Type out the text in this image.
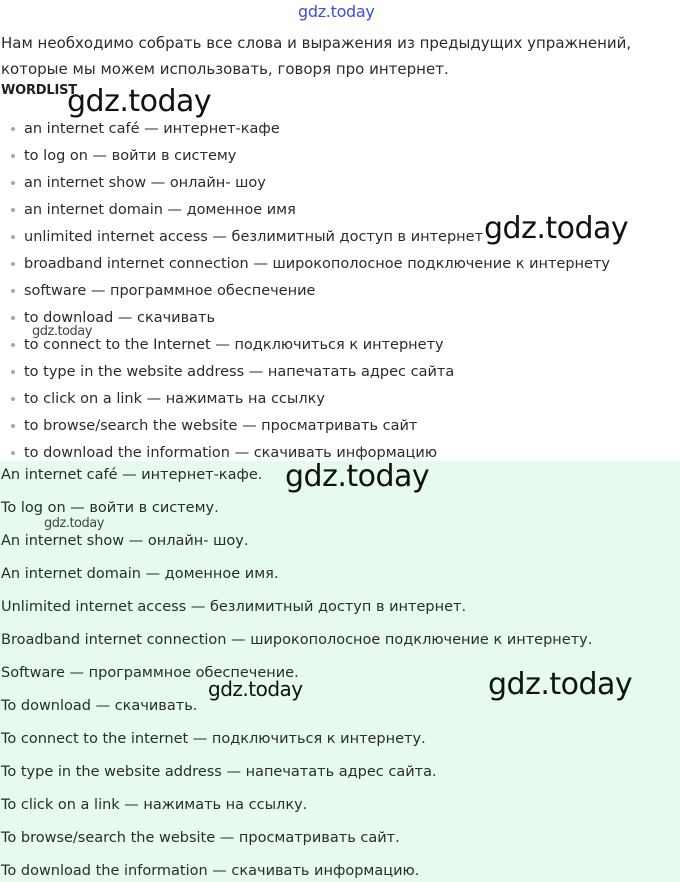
gdz.today
Нам необходимо собрать все слова и выражения из предыдущих упражнений, которые мы можем использовать, говоря про интернет.
WORDLIST
an internet café — интернет-кафе
to log on — войти в систему
an internet show — онлайн- шоу
an internet domain — доменное имя
unlimited internet access — безлимитный доступ в интернет
broadband internet connection — широкополосное подключение к интернету
software — программное обеспечение
to download — скачивать
to connect to the Internet — подключиться к интернету
to type in the website address — напечатать адрес сайта
to click on a link — нажимать на ссылку
to browse/search the website — просматривать сайт
to download the information — скачивать информацию

An internet café — интернет-кафе.

To log on — войти в систему.

An internet show — онлайн- шоу.

An internet domain — доменное имя.

Unlimited internet access — безлимитный доступ в интернет.

Broadband internet connection — широкополосное подключение к интернету.

Software — программное обеспечение.

To download — скачивать.

To connect to the internet — подключиться к интернету.

To type in the website address — напечатать адрес сайта.

To click on a link — нажимать на ссылку.

To browse/search the website — просматривать сайт.

To download the information — скачивать информацию.

gdz.today
gdz.today
gdz.today
gdz.today
gdz.today
gdz.today	gdz.today
